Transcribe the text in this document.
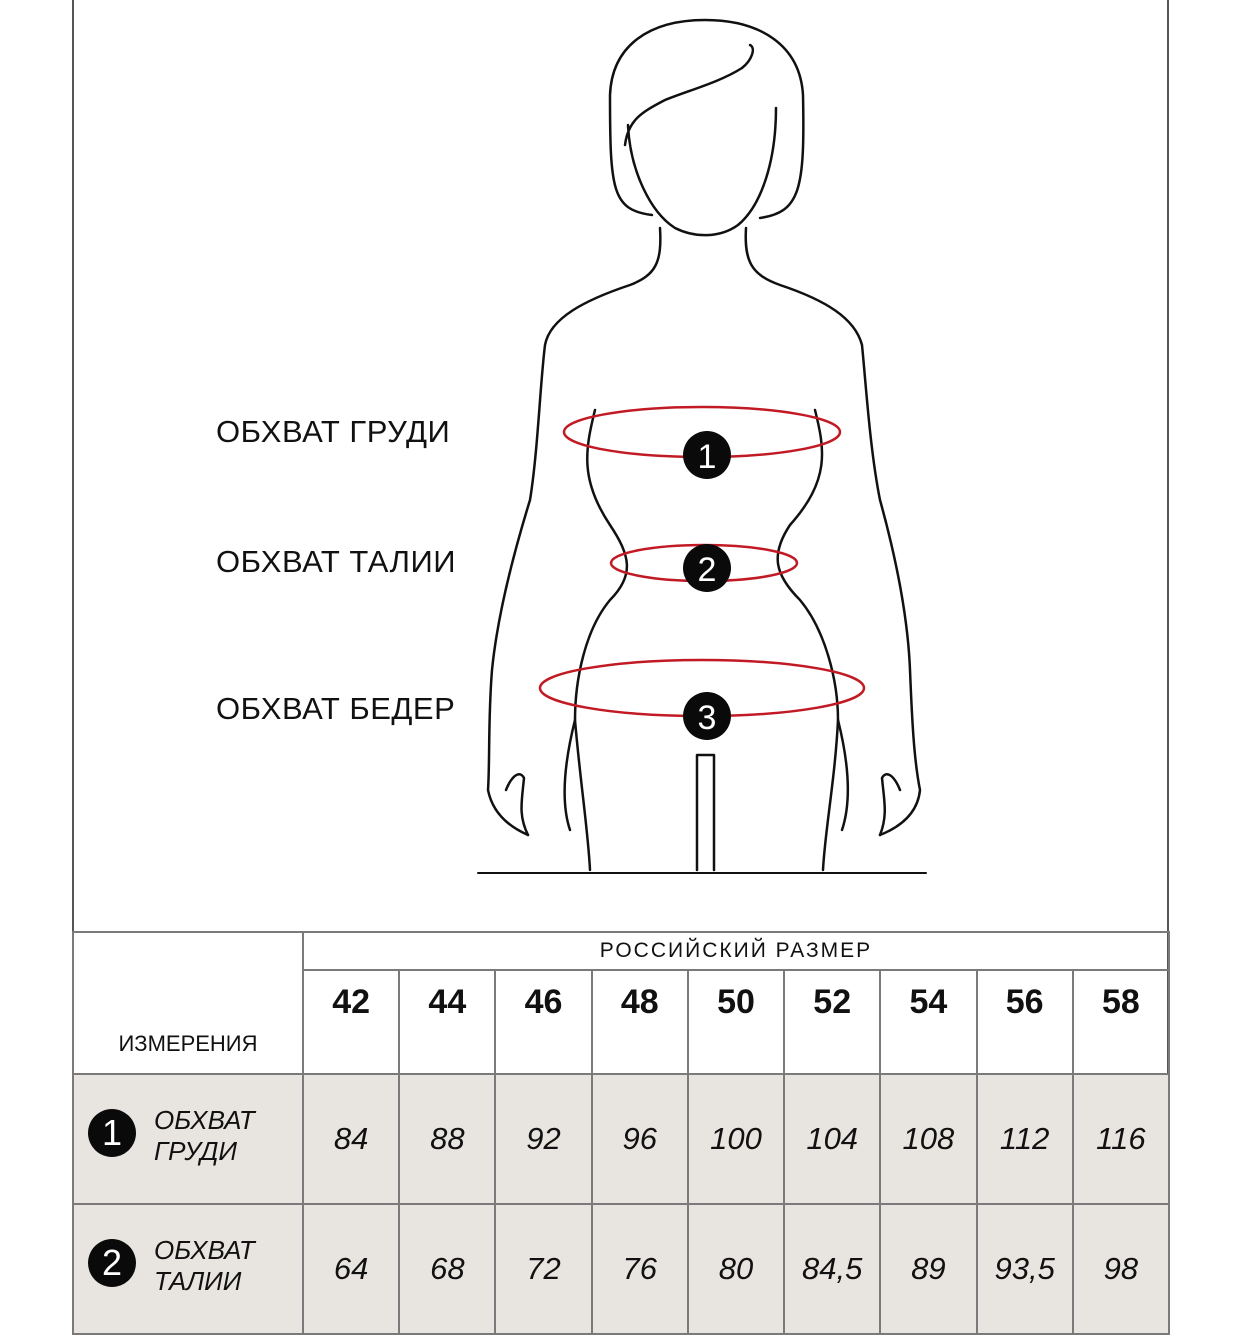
1
2
3
ОБХВАТ ГРУДИ
ОБХВАТ ТАЛИИ
ОБХВАТ БЕДЕР
ИЗМЕРЕНИЯ	РОССИЙСКИЙ РАЗМЕР								
	42	44	46	48	50	52	54	56	58

1 ОБХВАТ
ГРУДИ	84	88	92	96	100	104	108	112	116

2 ОБХВАТ
ТАЛИИ	64	68	72	76	80	84,5	89	93,5	98
